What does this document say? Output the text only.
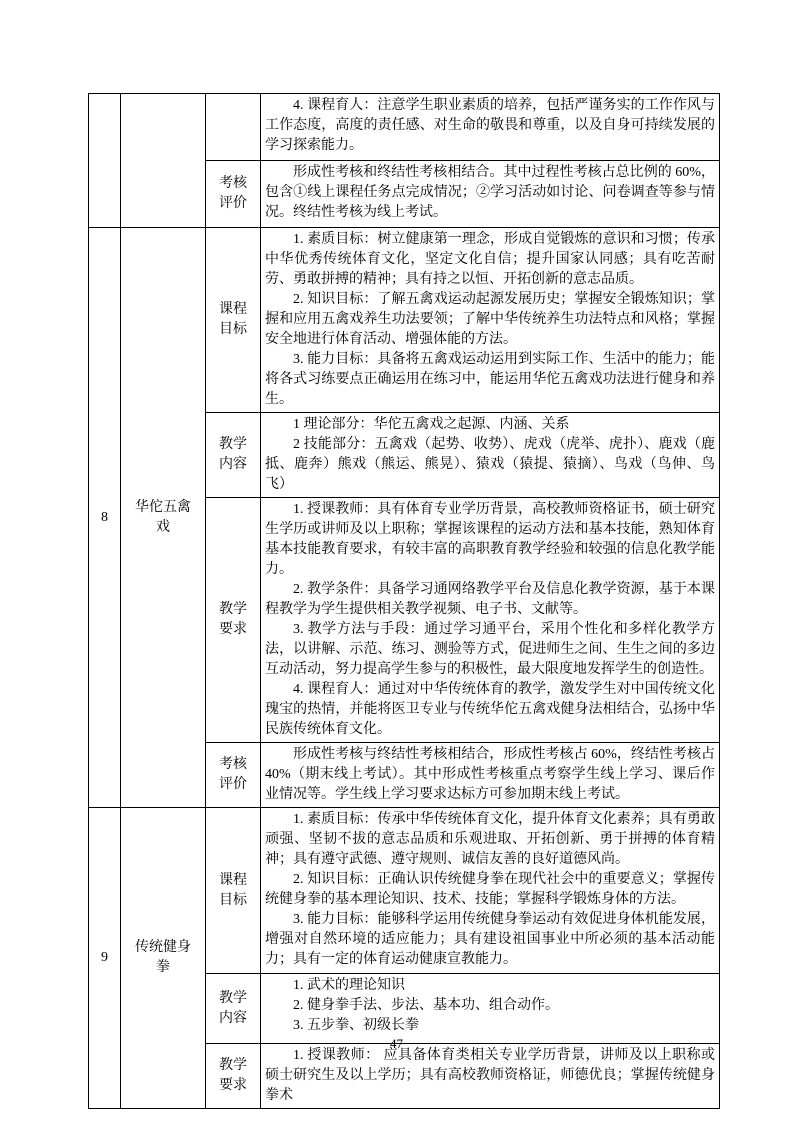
			4. 课程育人：注意学生职业素质的培养，包括严谨务实的工作作风与工作态度，高度的责任感、对生命的敬畏和尊重，以及自身可持续发展的学习探索能力。

		考核评价	形成性考核和终结性考核相结合。其中过程性考核占总比例的 60%，包含①线上课程任务点完成情况；②学习活动如讨论、问卷调查等参与情况。终结性考核为线上考试。

8	华佗五禽戏	课程目标	1. 素质目标：树立健康第一理念，形成自觉锻炼的意识和习惯；传承中华优秀传统体育文化，坚定文化自信；提升国家认同感；具有吃苦耐劳、勇敢拼搏的精神；具有持之以恒、开拓创新的意志品质。

2. 知识目标：了解五禽戏运动起源发展历史；掌握安全锻炼知识；掌握和应用五禽戏养生功法要领；了解中华传统养生功法特点和风格；掌握安全地进行体育活动、增强体能的方法。

3. 能力目标：具备将五禽戏运动运用到实际工作、生活中的能力；能将各式习练要点正确运用在练习中，能运用华佗五禽戏功法进行健身和养生。

		教学内容	1 理论部分：华佗五禽戏之起源、内涵、关系

2 技能部分：五禽戏（起势、收势）、虎戏（虎举、虎扑）、鹿戏（鹿抵、鹿奔）熊戏（熊运、熊晃）、猿戏（猿提、猿摘）、鸟戏（鸟伸、鸟飞）

		教学要求	1. 授课教师：具有体育专业学历背景，高校教师资格证书，硕士研究生学历或讲师及以上职称；掌握该课程的运动方法和基本技能，熟知体育基本技能教育要求，有较丰富的高职教育教学经验和较强的信息化教学能力。

2. 教学条件：具备学习通网络教学平台及信息化教学资源，基于本课程教学为学生提供相关教学视频、电子书、文献等。

3. 教学方法与手段：通过学习通平台，采用个性化和多样化教学方法，以讲解、示范、练习、测验等方式，促进师生之间、生生之间的多边互动活动，努力提高学生参与的积极性，最大限度地发挥学生的创造性。

4. 课程育人：通过对中华传统体育的教学，激发学生对中国传统文化瑰宝的热情，并能将医卫专业与传统华佗五禽戏健身法相结合，弘扬中华民族传统体育文化。

		考核评价	形成性考核与终结性考核相结合，形成性考核占 60%，终结性考核占 40%（期末线上考试）。其中形成性考核重点考察学生线上学习、课后作业情况等。学生线上学习要求达标方可参加期末线上考试。

9	传统健身拳	课程目标	1. 素质目标：传承中华传统体育文化，提升体育文化素养；具有勇敢顽强、坚韧不拔的意志品质和乐观进取、开拓创新、勇于拼搏的体育精神；具有遵守武德、遵守规则、诚信友善的良好道德风尚。

2. 知识目标：正确认识传统健身拳在现代社会中的重要意义；掌握传统健身拳的基本理论知识、技术、技能；掌握科学锻炼身体的方法。

3. 能力目标：能够科学运用传统健身拳运动有效促进身体机能发展，增强对自然环境的适应能力；具有建设祖国事业中所必须的基本活动能力；具有一定的体育运动健康宣教能力。

		教学内容	1. 武术的理论知识

2. 健身拳手法、步法、基本功、组合动作。

3. 五步拳、初级长拳

		教学要求	1. 授课教师： 应具备体育类相关专业学历背景，讲师及以上职称或硕士研究生及以上学历；具有高校教师资格证，师德优良；掌握传统健身拳术

47
